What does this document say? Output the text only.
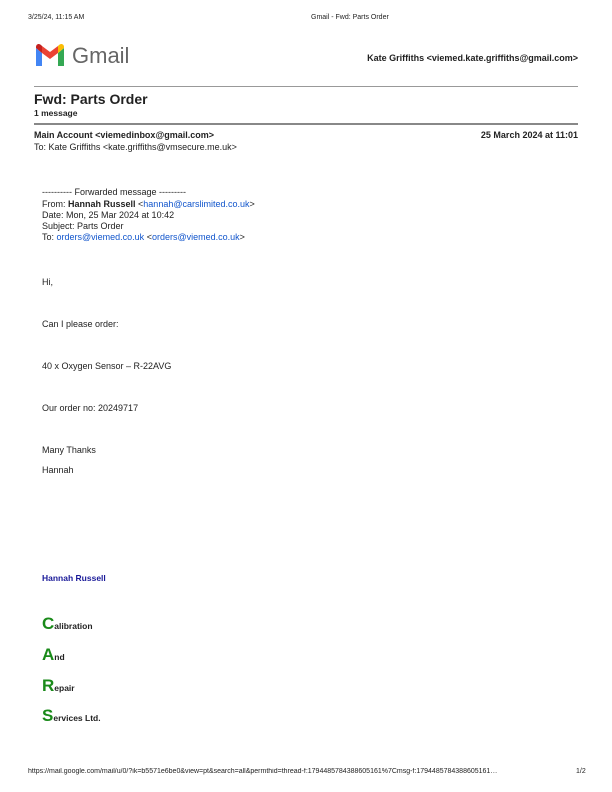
3/25/24, 11:15 AM	Gmail - Fwd: Parts Order
Gmail	Kate Griffiths <viemed.kate.griffiths@gmail.com>
Fwd: Parts Order
1 message
Main Account <viemedinbox@gmail.com>	25 March 2024 at 11:01
To: Kate Griffiths <kate.griffiths@vmsecure.me.uk>
---------- Forwarded message ---------
From: Hannah Russell <hannah@carslimited.co.uk>
Date: Mon, 25 Mar 2024 at 10:42
Subject: Parts Order
To: orders@viemed.co.uk <orders@viemed.co.uk>
Hi,
Can I please order:
40 x Oxygen Sensor – R-22AVG
Our order no: 20249717
Many Thanks
Hannah
Hannah Russell
C alibration
A nd
R epair
S ervices Ltd.
https://mail.google.com/mail/u/0/?ik=b5571e6be0&view=pt&search=all&permthid=thread-f:1794485784388605161%7Cmsg-f:179448578438860516​1…	1/2
